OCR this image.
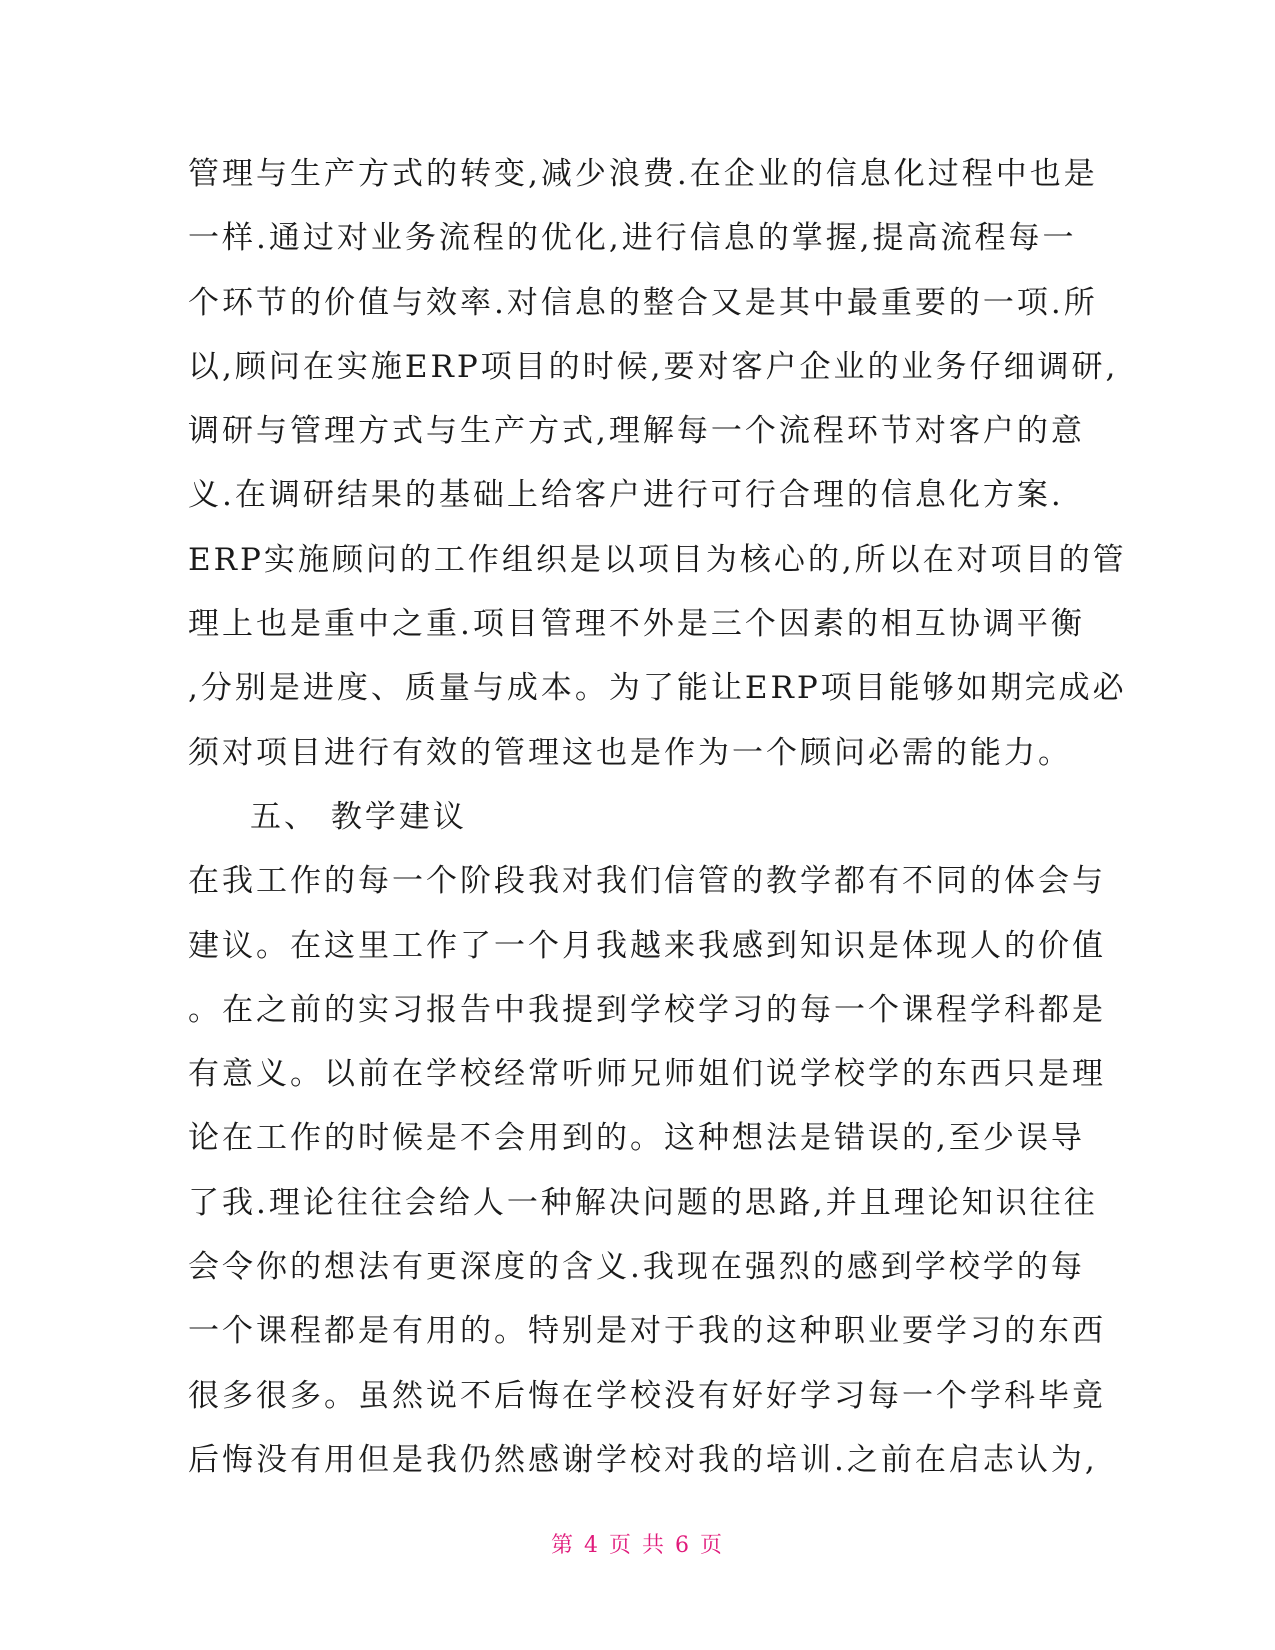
管理与生产方式的转变,减少浪费.在企业的信息化过程中也是
一样.通过对业务流程的优化,进行信息的掌握,提高流程每一
个环节的价值与效率.对信息的整合又是其中最重要的一项.所
以,顾问在实施ERP项目的时候,要对客户企业的业务仔细调研,
调研与管理方式与生产方式,理解每一个流程环节对客户的意
义.在调研结果的基础上给客户进行可行合理的信息化方案.
ERP实施顾问的工作组织是以项目为核心的,所以在对项目的管
理上也是重中之重.项目管理不外是三个因素的相互协调平衡
,分别是进度、质量与成本。为了能让ERP项目能够如期完成必
须对项目进行有效的管理这也是作为一个顾问必需的能力。
五、 教学建议
在我工作的每一个阶段我对我们信管的教学都有不同的体会与
建议。在这里工作了一个月我越来我感到知识是体现人的价值
。在之前的实习报告中我提到学校学习的每一个课程学科都是
有意义。以前在学校经常听师兄师姐们说学校学的东西只是理
论在工作的时候是不会用到的。这种想法是错误的,至少误导
了我.理论往往会给人一种解决问题的思路,并且理论知识往往
会令你的想法有更深度的含义.我现在强烈的感到学校学的每
一个课程都是有用的。特别是对于我的这种职业要学习的东西
很多很多。虽然说不后悔在学校没有好好学习每一个学科毕竟
后悔没有用但是我仍然感谢学校对我的培训.之前在启志认为,
第 4 页 共 6 页
